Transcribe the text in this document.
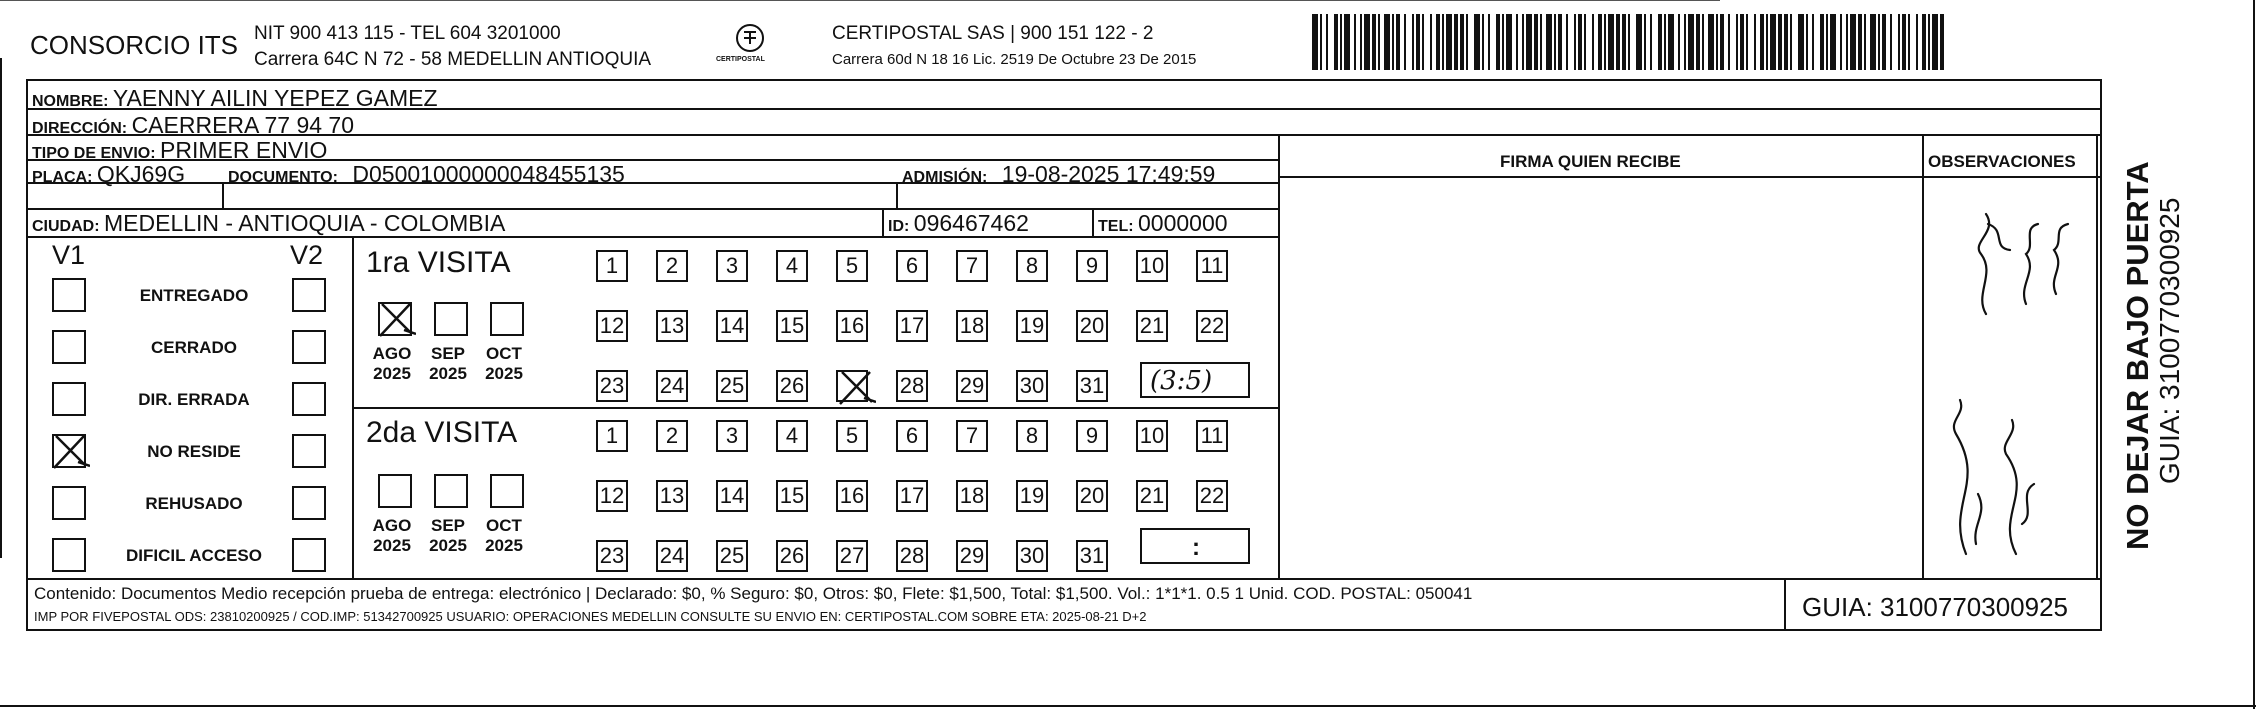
CONSORCIO ITS NIT 900 413 115 - TEL 604 3201000
Carrera 64C N 72 - 58 MEDELLIN ANTIOQUIA	CERTIPOSTAL
CERTIPOSTAL SAS | 900 151 122 - 2
Carrera 60d N 18 16 Lic. 2519 De Octubre 23 De 2015
NOMBRE: YAENNY AILIN YEPEZ GAMEZ
DIRECCIÓN: CAERRERA 77 94 70
TIPO DE ENVIO: PRIMER ENVIO
PLACA: QKJ69G	DOCUMENTO: D05001000000048455135	ADMISIÓN: 19-08-2025 17:49:59
CIUDAD: MEDELLIN - ANTIOQUIA - COLOMBIA	ID: 096467462	TEL: 0000000
FIRMA QUIEN RECIBE	OBSERVACIONES
V1	V2
ENTREGADO
CERRADO
DIR. ERRADA
NO RESIDE
REHUSADO
DIFICIL ACCESO
1ra VISITA
AGO
2025
SEP
2025
OCT
2025
1	2	3	4	5	6	7	8	9	10 11
12 13 14 15 16 17 18 19 20 21 22
23 24 25 26	28 29 30 31 (3:5)
2da VISITA
AGO
2025
SEP
2025
OCT
2025
1	2	3	4	5	6	7	8	9	10 11
12 13 14 15 16 17 18 19 20 21 22
23 24 25 26 27 28 29 30 31	:
Contenido: Documentos Medio recepción prueba de entrega: electrónico | Declarado: $0, % Seguro: $0, Otros: $0, Flete: $1,500, Total: $1,500. Vol.: 1*1*1. 0.5 1 Unid. COD. POSTAL: 050041
IMP POR FIVEPOSTAL ODS: 23810200925 / COD.IMP: 51342700925 USUARIO: OPERACIONES MEDELLIN CONSULTE SU ENVIO EN: CERTIPOSTAL.COM SOBRE ETA: 2025-08-21 D+2	GUIA: 3100770300925
NO DEJAR BAJO PUERTA GUIA: 3100770300925
